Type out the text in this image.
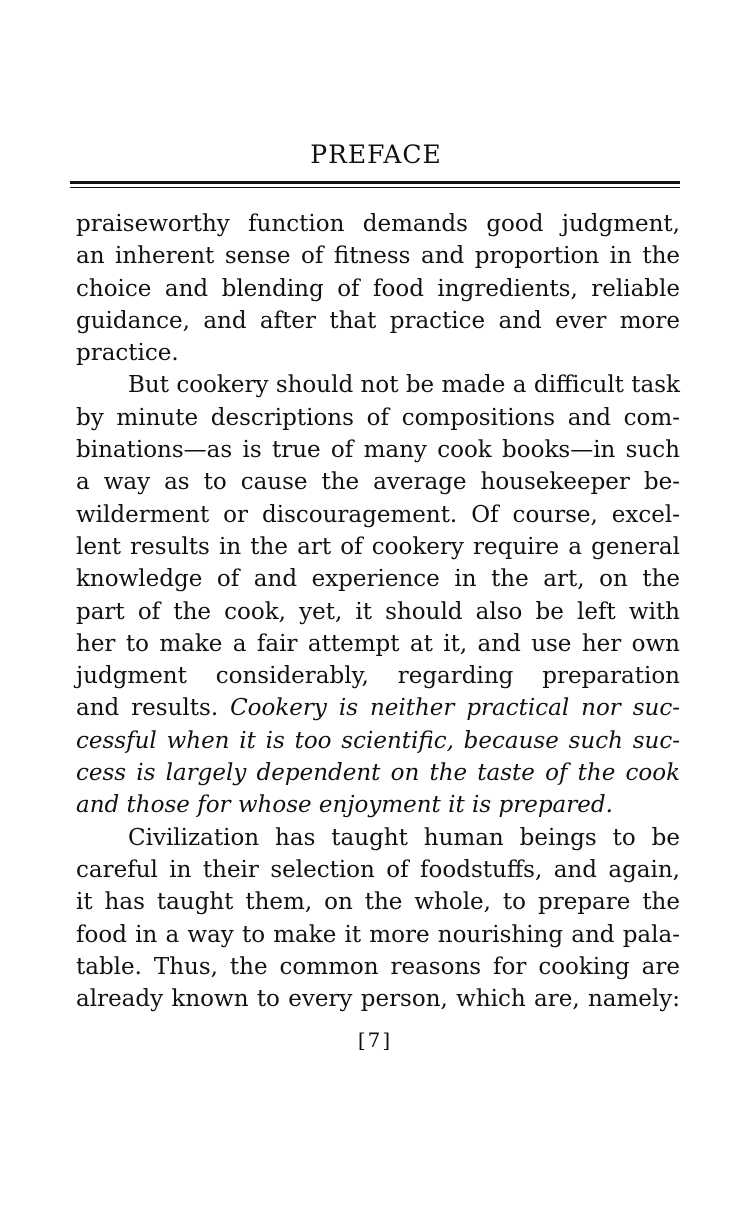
PREFACE
praiseworthy function demands good judgment,
an inherent sense of fitness and proportion in the
choice and blending of food ingredients, reliable
guidance, and after that practice and ever more
practice.
But cookery should not be made a difficult task
by minute descriptions of compositions and com-
binations—as is true of many cook books—in such
a way as to cause the average housekeeper be-
wilderment or discouragement. Of course, excel-
lent results in the art of cookery require a general
knowledge of and experience in the art, on the
part of the cook, yet, it should also be left with
her to make a fair attempt at it, and use her own
judgment considerably, regarding preparation
and results. Cookery is neither practical nor suc-
cessful when it is too scientific, because such suc-
cess is largely dependent on the taste of the cook
and those for whose enjoyment it is prepared.
Civilization has taught human beings to be
careful in their selection of foodstuffs, and again,
it has taught them, on the whole, to prepare the
food in a way to make it more nourishing and pala-
table. Thus, the common reasons for cooking are
already known to every person, which are, namely:
[7]
